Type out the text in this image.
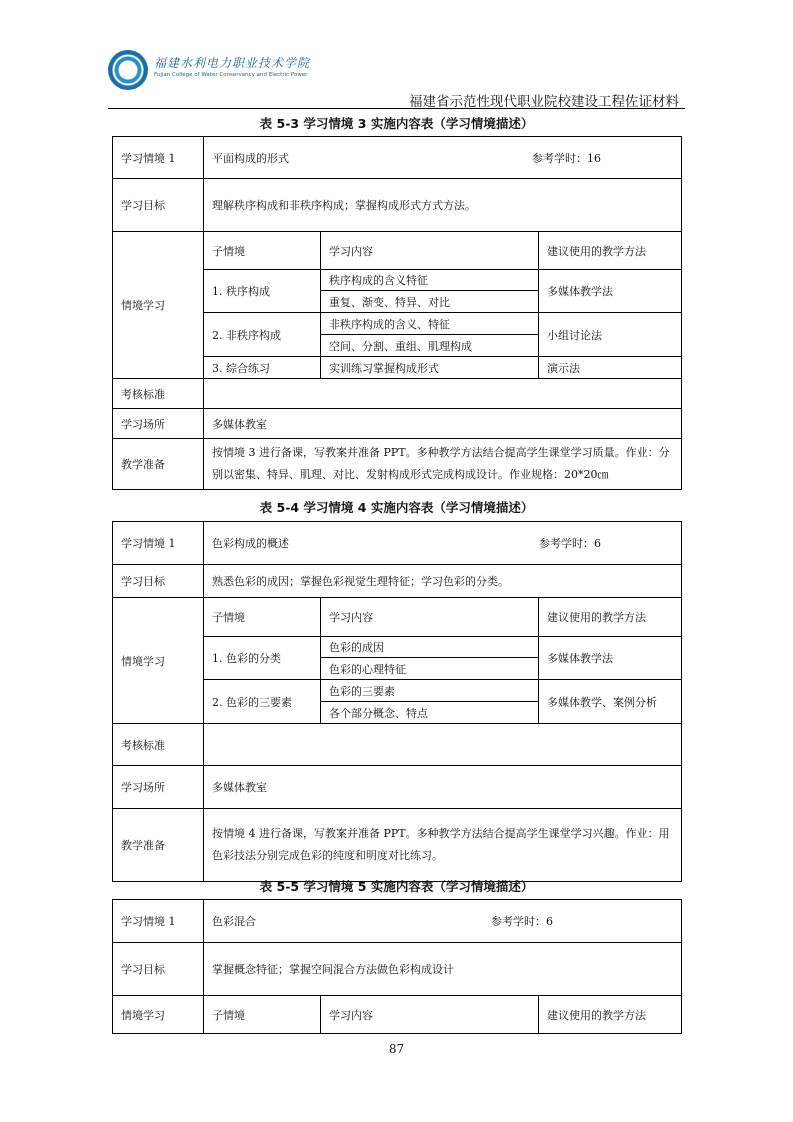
福建水利电力职业技术学院
Fujian College of Water Conservancy and Electric Power
福建省示范性现代职业院校建设工程佐证材料
表 5-3 学习情境 3 实施内容表（学习情境描述）
学习情境 1	平面构成的形式 参考学时：16		

学习目标	理解秩序构成和非秩序构成；掌握构成形式方式方法。		
情境学习	子情境	学习内容	建议使用的教学方法
	1. 秩序构成	秩序构成的含义特征	多媒体教学法
		重复、渐变、特异、对比	
	2. 非秩序构成	非秩序构成的含义、特征	小组讨论法
		空间、分割、重组、肌理构成	
	3. 综合练习	实训练习掌握构成形式	演示法
考核标准			
学习场所	多媒体教室		
教学准备	按情境 3 进行备课，写教案并准备 PPT。多种教学方法结合提高学生课堂学习质量。作业：分别以密集、特异、肌理、对比、发射构成形式完成构成设计。作业规格：20*20㎝		
表 5-4 学习情境 4 实施内容表（学习情境描述）
学习情境 1	色彩构成的概述 参考学时：6		

学习目标	熟悉色彩的成因；掌握色彩视觉生理特征；学习色彩的分类。		
情境学习	子情境	学习内容	建议使用的教学方法
	1. 色彩的分类	色彩的成因	多媒体教学法
		色彩的心理特征	
	2. 色彩的三要素	色彩的三要素	多媒体教学、案例分析
		各个部分概念、特点	
考核标准			
学习场所	多媒体教室		
教学准备	按情境 4 进行备课，写教案并准备 PPT。多种教学方法结合提高学生课堂学习兴趣。作业：用色彩技法分别完成色彩的纯度和明度对比练习。		
表 5-5 学习情境 5 实施内容表（学习情境描述）
学习情境 1	色彩混合 参考学时：6		

学习目标	掌握概念特征；掌握空间混合方法做色彩构成设计		
情境学习	子情境	学习内容	建议使用的教学方法
87
